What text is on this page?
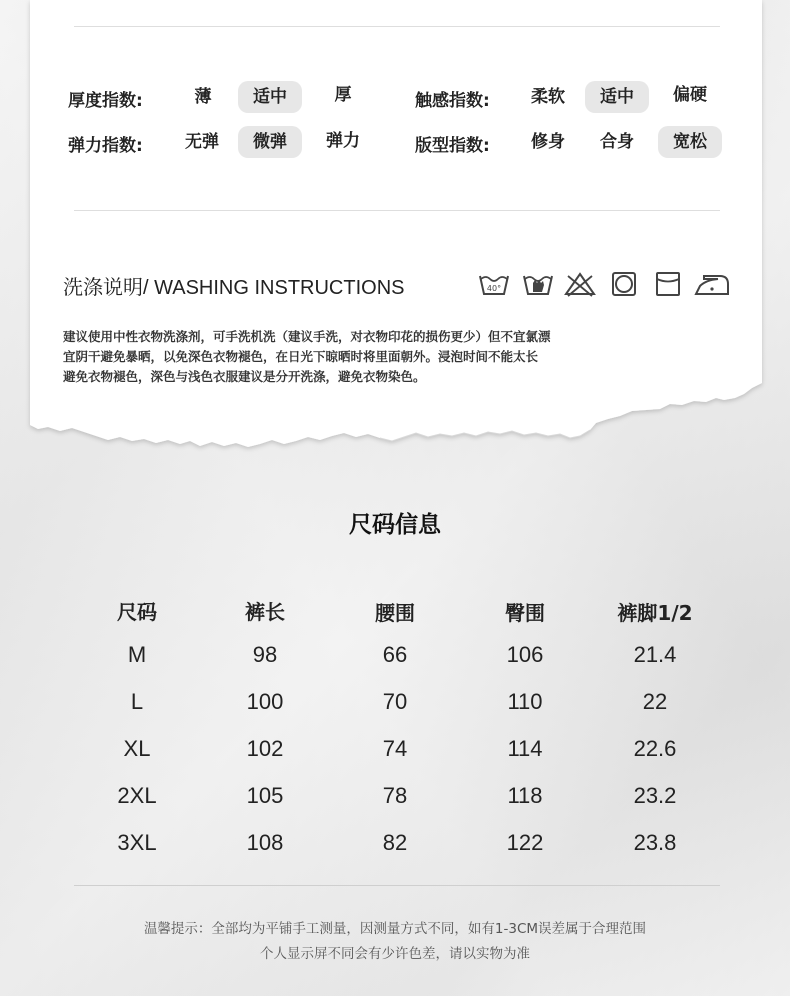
厚度指数:	薄	适中	厚	触感指数:	柔软	适中	偏硬
弹力指数:	无弹	微弹	弹力	版型指数:	修身	合身	宽松
洗涤说明/ WASHING INSTRUCTIONS	40°
建议使用中性衣物洗涤剂，可手洗机洗（建议手洗，对衣物印花的损伤更少）但不宜氯漂
宜阴干避免暴晒，以免深色衣物褪色，在日光下晾晒时将里面朝外。浸泡时间不能太长
避免衣物褪色，深色与浅色衣服建议是分开洗涤，避免衣物染色。
尺码信息
尺码	裤长	腰围	臀围	裤脚1/2
M	98	66	106	21.4
L	100	70	110	22
XL	102	74	114	22.6
2XL	105	78	118	23.2
3XL	108	82	122	23.8
温馨提示：全部均为平铺手工测量，因测量方式不同，如有1-3CM误差属于合理范围
个人显示屏不同会有少许色差，请以实物为准
